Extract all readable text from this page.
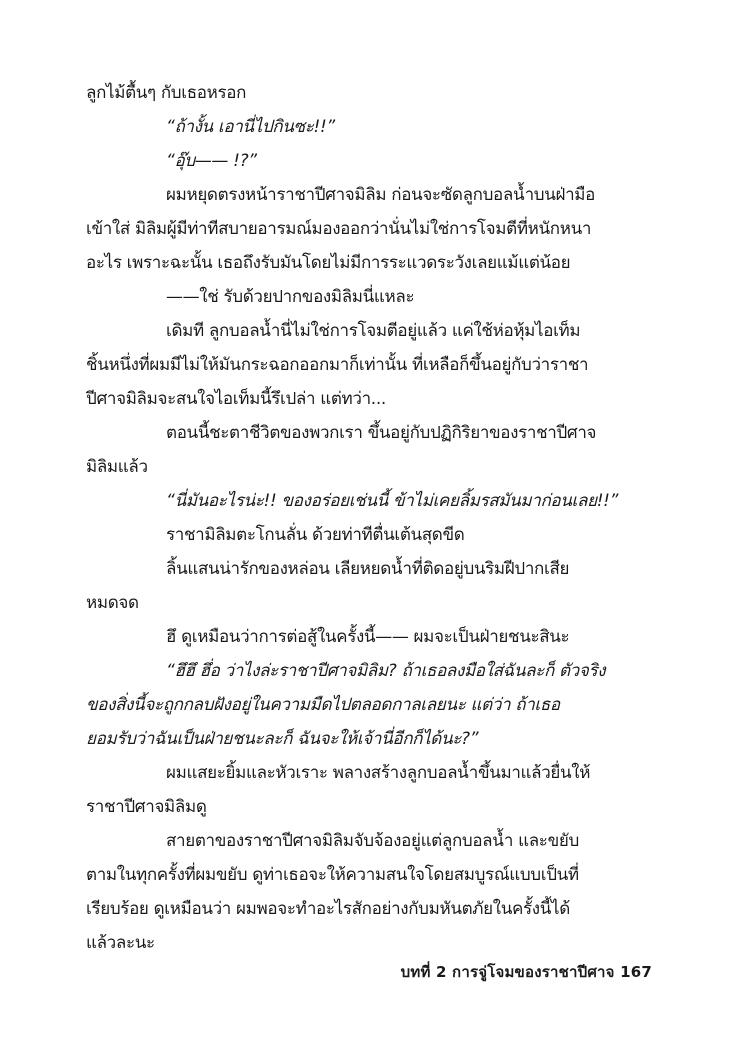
ลูกไม้ตื้นๆ กับเธอหรอก
“ถ้างั้น เอานี่ไปกินซะ!!”
“อุ๊บ—— !?”
ผมหยุดตรงหน้าราชาปีศาจมิลิม ก่อนจะซัดลูกบอลน้ำบนฝ่ามือ
เข้าใส่ มิลิมผู้มีท่าทีสบายอารมณ์มองออกว่านั่นไม่ใช่การโจมตีที่หนักหนา
อะไร เพราะฉะนั้น เธอถึงรับมันโดยไม่มีการระแวดระวังเลยแม้แต่น้อย
——ใช่ รับด้วยปากของมิลิมนี่แหละ
เดิมที ลูกบอลน้ำนี่ไม่ใช่การโจมตีอยู่แล้ว แค่ใช้ห่อหุ้มไอเท็ม
ชิ้นหนึ่งที่ผมมีไม่ให้มันกระฉอกออกมาก็เท่านั้น ที่เหลือก็ขึ้นอยู่กับว่าราชา
ปีศาจมิลิมจะสนใจไอเท็มนี้รึเปล่า แต่ทว่า...
ตอนนี้ชะตาชีวิตของพวกเรา ขึ้นอยู่กับปฏิกิริยาของราชาปีศาจ
มิลิมแล้ว
“นี่มันอะไรน่ะ!! ของอร่อยเช่นนี้ ข้าไม่เคยลิ้มรสมันมาก่อนเลย!!”
ราชามิลิมตะโกนลั่น ด้วยท่าทีตื่นเต้นสุดขีด
ลิ้นแสนน่ารักของหล่อน เลียหยดน้ำที่ติดอยู่บนริมฝีปากเสีย
หมดจด
ฮึ ดูเหมือนว่าการต่อสู้ในครั้งนี้—— ผมจะเป็นฝ่ายชนะสินะ
“ฮึฮึ ฮึ่อ ว่าไงล่ะราชาปีศาจมิลิม? ถ้าเธอลงมือใส่ฉันละก็ ตัวจริง
ของสิ่งนี้จะถูกกลบฝังอยู่ในความมืดไปตลอดกาลเลยนะ แต่ว่า ถ้าเธอ
ยอมรับว่าฉันเป็นฝ่ายชนะละก็ ฉันจะให้เจ้านี่อีกก็ได้นะ?”
ผมแสยะยิ้มและหัวเราะ พลางสร้างลูกบอลน้ำขึ้นมาแล้วยื่นให้
ราชาปีศาจมิลิมดู
สายตาของราชาปีศาจมิลิมจับจ้องอยู่แต่ลูกบอลน้ำ และขยับ
ตามในทุกครั้งที่ผมขยับ ดูท่าเธอจะให้ความสนใจโดยสมบูรณ์แบบเป็นที่
เรียบร้อย ดูเหมือนว่า ผมพอจะทำอะไรสักอย่างกับมหันตภัยในครั้งนี้ได้
แล้วละนะ
บทที่ 2 การจู่โจมของราชาปีศาจ 167
